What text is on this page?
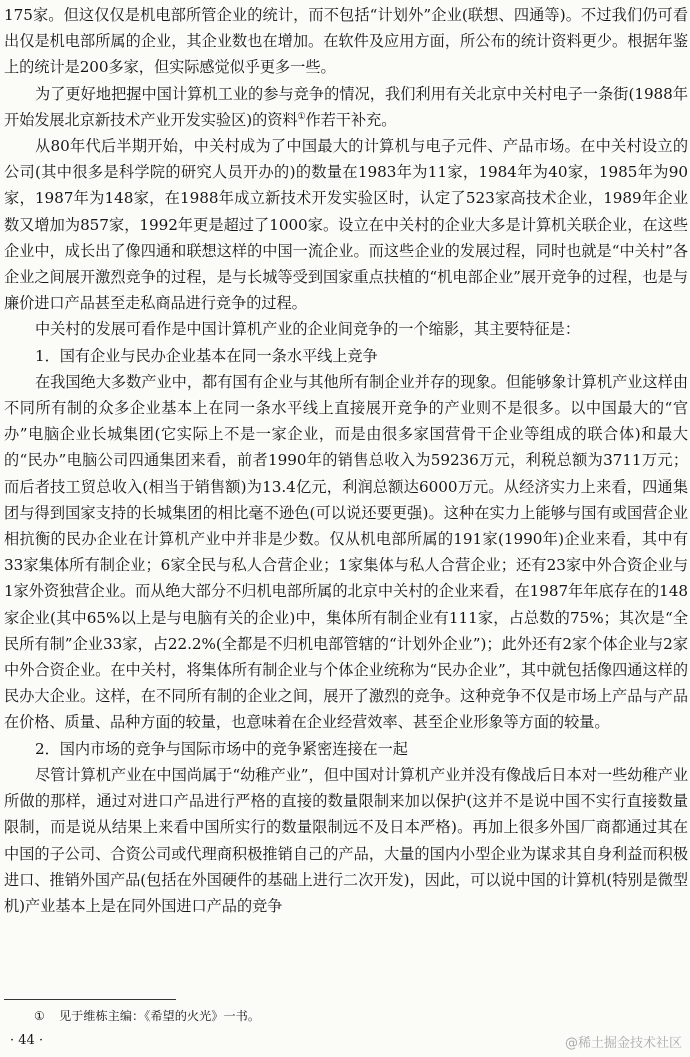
175家。但这仅仅是机电部所管企业的统计，而不包括“计划外”企业(联想、四通等)。不过我们仍可看出仅是机电部所属的企业，其企业数也在增加。在软件及应用方面，所公布的统计资料更少。根据年鉴上的统计是200多家，但实际感觉似乎更多一些。

为了更好地把握中国计算机工业的参与竞争的情况，我们利用有关北京中关村电子一条街(1988年开始发展北京新技术产业开发实验区)的资料①作若干补充。

从80年代后半期开始，中关村成为了中国最大的计算机与电子元件、产品市场。在中关村设立的公司(其中很多是科学院的研究人员开办的)的数量在1983年为11家，1984年为40家，1985年为90家，1987年为148家，在1988年成立新技术开发实验区时，认定了523家高技术企业，1989年企业数又增加为857家，1992年更是超过了1000家。设立在中关村的企业大多是计算机关联企业，在这些企业中，成长出了像四通和联想这样的中国一流企业。而这些企业的发展过程，同时也就是“中关村”各企业之间展开激烈竞争的过程，是与长城等受到国家重点扶植的“机电部企业”展开竞争的过程，也是与廉价进口产品甚至走私商品进行竞争的过程。

中关村的发展可看作是中国计算机产业的企业间竞争的一个缩影，其主要特征是：

1．国有企业与民办企业基本在同一条水平线上竞争

在我国绝大多数产业中，都有国有企业与其他所有制企业并存的现象。但能够象计算机产业这样由不同所有制的众多企业基本上在同一条水平线上直接展开竞争的产业则不是很多。以中国最大的“官办”电脑企业长城集团(它实际上不是一家企业，而是由很多家国营骨干企业等组成的联合体)和最大的“民办”电脑公司四通集团来看，前者1990年的销售总收入为59236万元，利税总额为3711万元；而后者技工贸总收入(相当于销售额)为13.4亿元，利润总额达6000万元。从经济实力上来看，四通集团与得到国家支持的长城集团的相比毫不逊色(可以说还要更强)。这种在实力上能够与国有或国营企业相抗衡的民办企业在计算机产业中并非是少数。仅从机电部所属的191家(1990年)企业来看，其中有33家集体所有制企业；6家全民与私人合营企业；1家集体与私人合营企业；还有23家中外合资企业与1家外资独营企业。而从绝大部分不归机电部所属的北京中关村的企业来看，在1987年年底存在的148家企业(其中65%以上是与电脑有关的企业)中，集体所有制企业有111家，占总数的75%；其次是“全民所有制”企业33家，占22.2%(全都是不归机电部管辖的“计划外企业”)；此外还有2家个体企业与2家中外合资企业。在中关村，将集体所有制企业与个体企业统称为“民办企业”，其中就包括像四通这样的民办大企业。这样，在不同所有制的企业之间，展开了激烈的竞争。这种竞争不仅是市场上产品与产品在价格、质量、品种方面的较量，也意味着在企业经营效率、甚至企业形象等方面的较量。

2．国内市场的竞争与国际市场中的竞争紧密连接在一起

尽管计算机产业在中国尚属于“幼稚产业”，但中国对计算机产业并没有像战后日本对一些幼稚产业所做的那样，通过对进口产品进行严格的直接的数量限制来加以保护(这并不是说中国不实行直接数量限制，而是说从结果上来看中国所实行的数量限制远不及日本严格)。再加上很多外国厂商都通过其在中国的子公司、合资公司或代理商积极推销自己的产品，大量的国内小型企业为谋求其自身利益而积极进口、推销外国产品(包括在外国硬件的基础上进行二次开发)，因此，可以说中国的计算机(特别是微型机)产业基本上是在同外国进口产品的竞争

① 见于维栋主编：《希望的火光》一书。
· 44 ·	@稀土掘金技术社区
